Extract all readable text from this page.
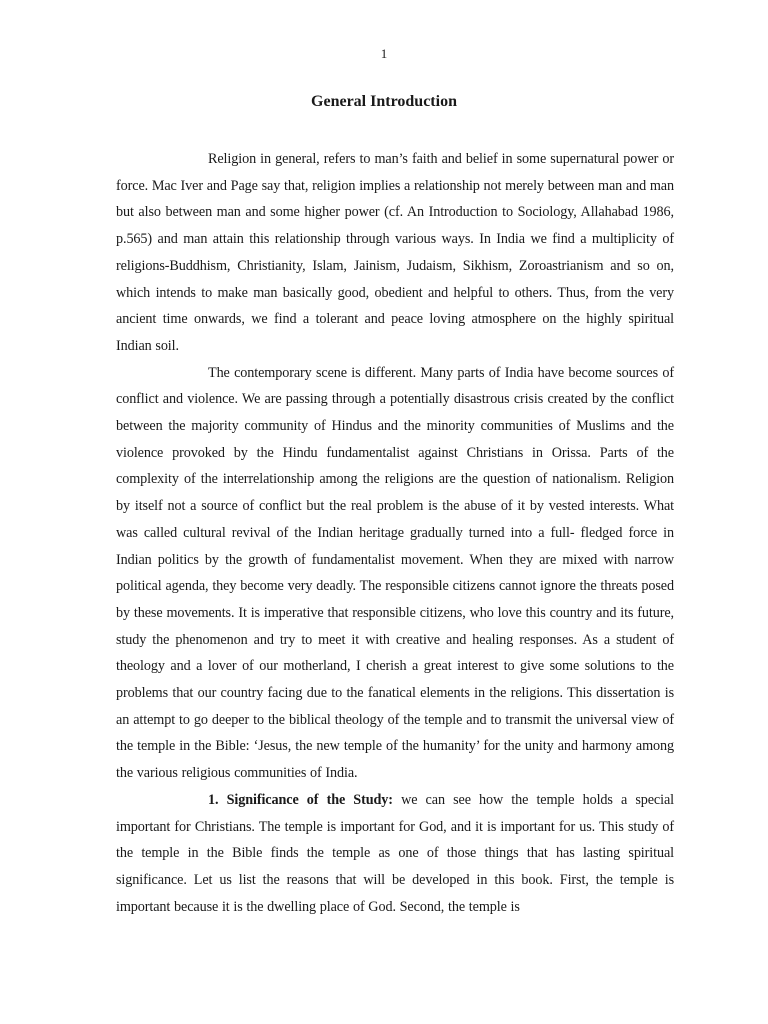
1
General Introduction

Religion in general, refers to man’s faith and belief in some supernatural power or force. Mac Iver and Page say that, religion implies a relationship not merely between man and man but also between man and some higher power (cf. An Introduction to Sociology, Allahabad 1986, p.565) and man attain this relationship through various ways. In India we find a multiplicity of religions-Buddhism, Christianity, Islam, Jainism, Judaism, Sikhism, Zoroastrianism and so on, which intends to make man basically good, obedient and helpful to others. Thus, from the very ancient time onwards, we find a tolerant and peace loving atmosphere on the highly spiritual Indian soil.

The contemporary scene is different. Many parts of India have become sources of conflict and violence. We are passing through a potentially disastrous crisis created by the conflict between the majority community of Hindus and the minority communities of Muslims and the violence provoked by the Hindu fundamentalist against Christians in Orissa. Parts of the complexity of the interrelationship among the religions are the question of nationalism. Religion by itself not a source of conflict but the real problem is the abuse of it by vested interests. What was called cultural revival of the Indian heritage gradually turned into a full- fledged force in Indian politics by the growth of fundamentalist movement. When they are mixed with narrow political agenda, they become very deadly. The responsible citizens cannot ignore the threats posed by these movements. It is imperative that responsible citizens, who love this country and its future, study the phenomenon and try to meet it with creative and healing responses. As a student of theology and a lover of our motherland, I cherish a great interest to give some solutions to the problems that our country facing due to the fanatical elements in the religions. This dissertation is an attempt to go deeper to the biblical theology of the temple and to transmit the universal view of the temple in the Bible: ‘Jesus, the new temple of the humanity’ for the unity and harmony among the various religious communities of India.

1. Significance of the Study: we can see how the temple holds a special important for Christians. The temple is important for God, and it is important for us. This study of the temple in the Bible finds the temple as one of those things that has lasting spiritual significance. Let us list the reasons that will be developed in this book. First, the temple is important because it is the dwelling place of God. Second, the temple is
